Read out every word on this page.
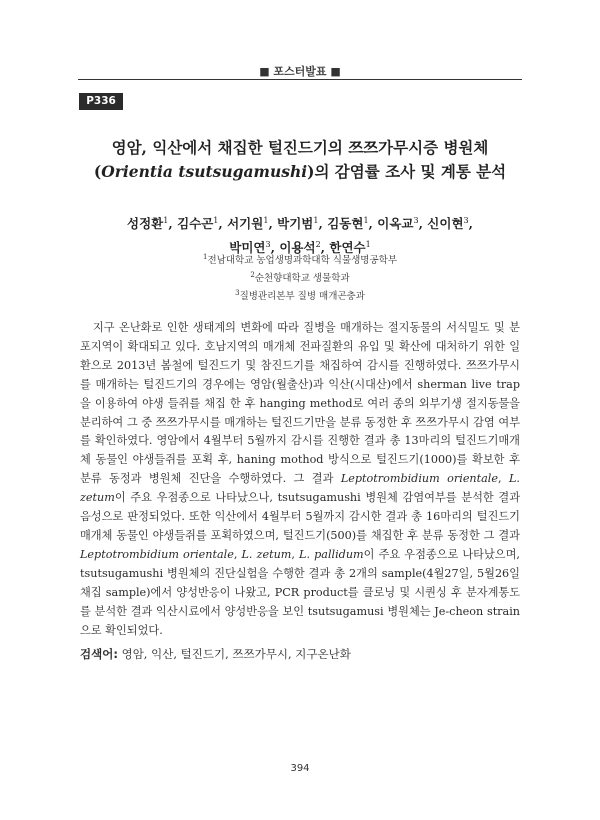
■ 포스터발표 ■
P336
영암, 익산에서 채집한 털진드기의 쯔쯔가무시증 병원체
(Orientia tsutsugamushi)의 감염률 조사 및 계통 분석
성정환$^1$, 김수곤$^1$, 서기원$^1$, 박기범$^1$, 김동현$^1$, 이옥교$^3$, 신이현$^3$,
박미연$^3$, 이용석$^2$, 한연수$^1$
$^1$전남대학교 농업생명과학대학 식물생명공학부
$^2$순천향대학교 생물학과
$^3$질병관리본부 질병 매개곤충과
지구 온난화로 인한 생태계의 변화에 따라 질병을 매개하는 절지동물의 서식밀도 및 분포지역이 확대되고 있다. 호남지역의 매개체 전파질환의 유입 및 확산에 대처하기 위한 일환으로 2013년 봄철에 털진드기 및 참진드기를 채집하여 감시를 진행하였다. 쯔쯔가무시를 매개하는 털진드기의 경우에는 영암(월출산)과 익산(시대산)에서 sherman live trap을 이용하여 야생 들쥐를 채집 한 후 hanging method로 여러 종의 외부기생 절지동물을 분리하여 그 중 쯔쯔가무시를 매개하는 털진드기만을 분류 동정한 후 쯔쯔가무시 감염 여부를 확인하였다. 영암에서 4월부터 5월까지 감시를 진행한 결과 총 13마리의 털진드기매개체 동물인 야생들쥐를 포획 후, haning mothod 방식으로 털진드기(1000)를 확보한 후 분류 동정과 병원체 진단을 수행하였다. 그 결과 Leptotrombidium orientale, L. zetum이 주요 우점종으로 나타났으나, tsutsugamushi 병원체 감염여부를 분석한 결과 음성으로 판정되었다. 또한 익산에서 4월부터 5월까지 감시한 결과 총 16마리의 털진드기매개체 동물인 야생들쥐를 포획하였으며, 털진드기(500)를 채집한 후 분류 동정한 그 결과Leptotrombidium orientale, L. zetum, L. pallidum이 주요 우점종으로 나타났으며, tsutsugamushi 병원체의 진단실험을 수행한 결과 총 2개의 sample(4월27일, 5월26일 채집 sample)에서 양성반응이 나왔고, PCR product를 클로닝 및 시퀀싱 후 분자계통도를 분석한 결과 익산시료에서 양성반응을 보인 tsutsugamusi 병원체는 Je-cheon strain으로 확인되었다.
검색어: 영암, 익산, 털진드기, 쯔쯔가무시, 지구온난화
394
